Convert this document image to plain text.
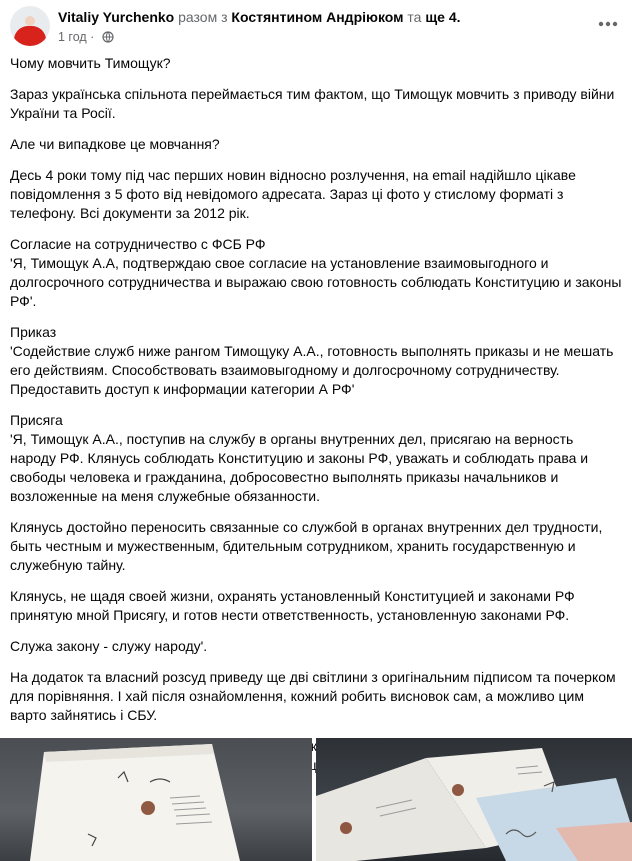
Vitaliy Yurchenko разом з Костянтином Андріюком та ще 4.
1 год ·

Чому мовчить Тимощук?

Зараз українська спільнота переймається тим фактом, що Тимощук мовчить з приводу війни України та Росії.

Але чи випадкове це мовчання?

Десь 4 роки тому під час перших новин відносно розлучення, на email надійшло цікаве повідомлення з 5 фото від невідомого адресата. Зараз ці фото у стислому форматі з телефону. Всі документи за 2012 рік.

Согласие на сотрудничество с ФСБ РФ
'Я, Тимощук А.А, подтверждаю свое согласие на установление взаимовыгодного и долгосрочного сотрудничества и выражаю свою готовность соблюдать Конституцию и законы РФ'.

Приказ
'Содействие служб ниже рангом Тимощуку А.А., готовность выполнять приказы и не мешать его действиям. Способствовать взаимовыгодному и долгосрочному сотрудничеству. Предоставить доступ к информации категории А РФ'

Присяга
'Я, Тимощук А.А., поступив на службу в органы внутренних дел, присягаю на верность народу РФ. Клянусь соблюдать Конституцию и законы РФ, уважать и соблюдать права и свободы человека и гражданина, добросовестно выполнять приказы начальников и возложенные на меня служебные обязанности.

Клянусь достойно переносить связанные со службой в органах внутренних дел трудности, быть честным и мужественным, бдительным сотрудником, хранить государственную и служебную тайну.

Клянусь, не щадя своей жизни, охранять установленный Конституцией и законами РФ принятую мной Присягу, и готов нести ответственность, установленную законами РФ.

Служа закону - служу народу'.

На додаток та власний розсуд приведу ще дві світлини з оригінальним підписом та почерком для порівняння. І хай після ознайомлення, кожний робить висновок сам, а можливо цим варто зайнятись і СБУ.
